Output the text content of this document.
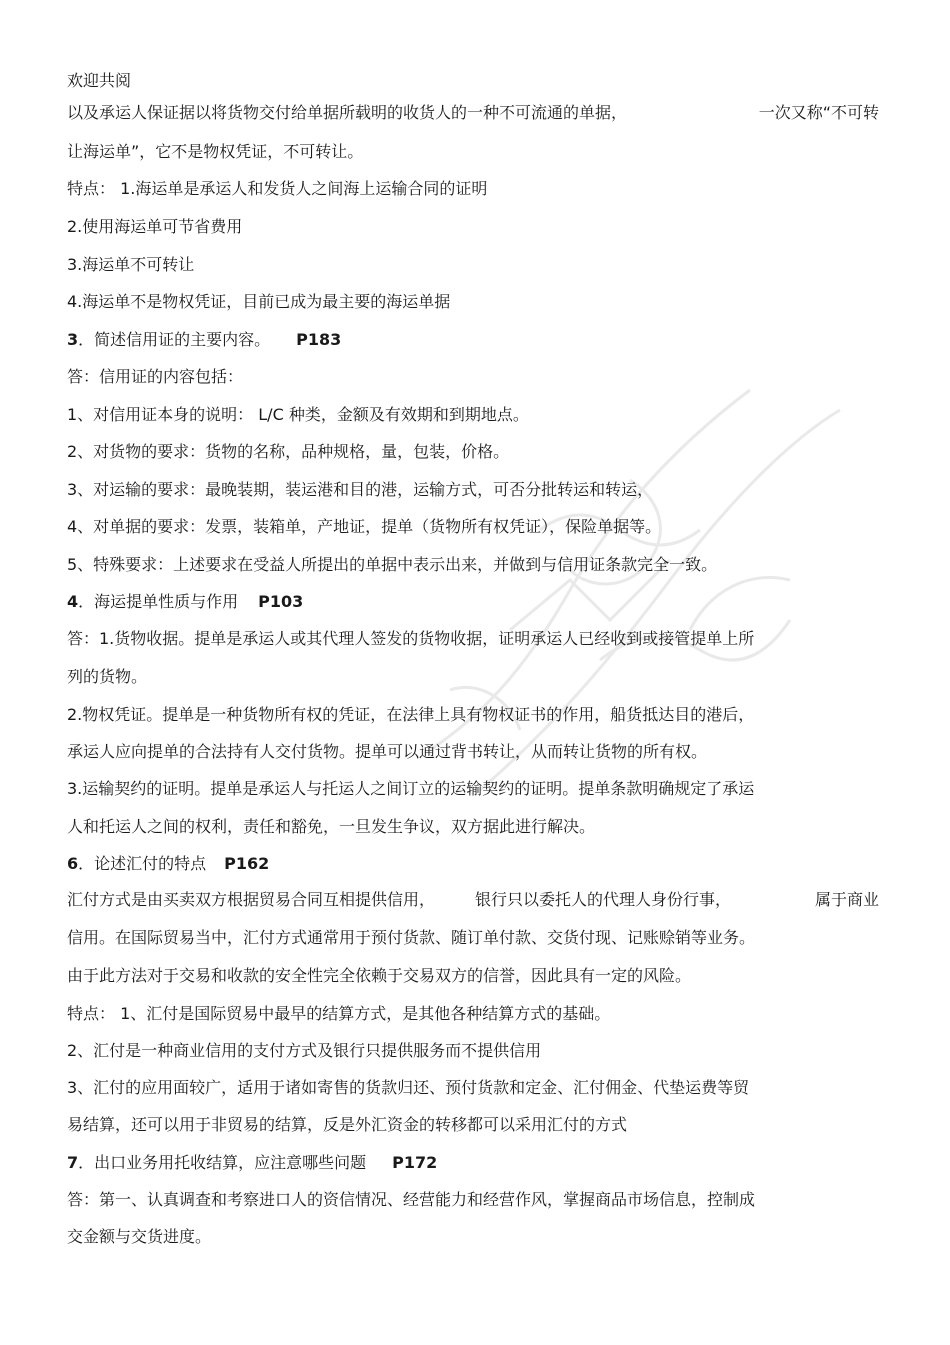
欢迎共阅
以及承运人保证据以将货物交付给单据所载明的收货人的一种不可流通的单据，	一次又称“不可转
让海运单”，它不是物权凭证，不可转让。
特点： 1.海运单是承运人和发货人之间海上运输合同的证明
2.使用海运单可节省费用
3.海运单不可转让
4.海运单不是物权凭证，目前已成为最主要的海运单据
3．简述信用证的主要内容。 P183
答：信用证的内容包括：
1、对信用证本身的说明： L/C 种类，金额及有效期和到期地点。
2、对货物的要求：货物的名称，品种规格，量，包装，价格。
3、对运输的要求：最晚装期，装运港和目的港，运输方式，可否分批转运和转运，
4、对单据的要求：发票，装箱单，产地证，提单（货物所有权凭证），保险单据等。
5、特殊要求：上述要求在受益人所提出的单据中表示出来，并做到与信用证条款完全一致。
4．海运提单性质与作用 P103
答：1.货物收据。提单是承运人或其代理人签发的货物收据，证明承运人已经收到或接管提单上所
列的货物。
2.物权凭证。提单是一种货物所有权的凭证，在法律上具有物权证书的作用，船货抵达目的港后，
承运人应向提单的合法持有人交付货物。提单可以通过背书转让，从而转让货物的所有权。
3.运输契约的证明。提单是承运人与托运人之间订立的运输契约的证明。提单条款明确规定了承运
人和托运人之间的权利，责任和豁免，一旦发生争议，双方据此进行解决。
6．论述汇付的特点 P162
汇付方式是由买卖双方根据贸易合同互相提供信用，	银行只以委托人的代理人身份行事，	属于商业
信用。在国际贸易当中，汇付方式通常用于预付货款、随订单付款、交货付现、记账赊销等业务。
由于此方法对于交易和收款的安全性完全依赖于交易双方的信誉，因此具有一定的风险。
特点： 1、汇付是国际贸易中最早的结算方式，是其他各种结算方式的基础。
2、汇付是一种商业信用的支付方式及银行只提供服务而不提供信用
3、汇付的应用面较广，适用于诸如寄售的货款归还、预付货款和定金、汇付佣金、代垫运费等贸
易结算，还可以用于非贸易的结算，反是外汇资金的转移都可以采用汇付的方式
7．出口业务用托收结算，应注意哪些问题 P172
答：第一、认真调查和考察进口人的资信情况、经营能力和经营作风，掌握商品市场信息，控制成
交金额与交货进度。
